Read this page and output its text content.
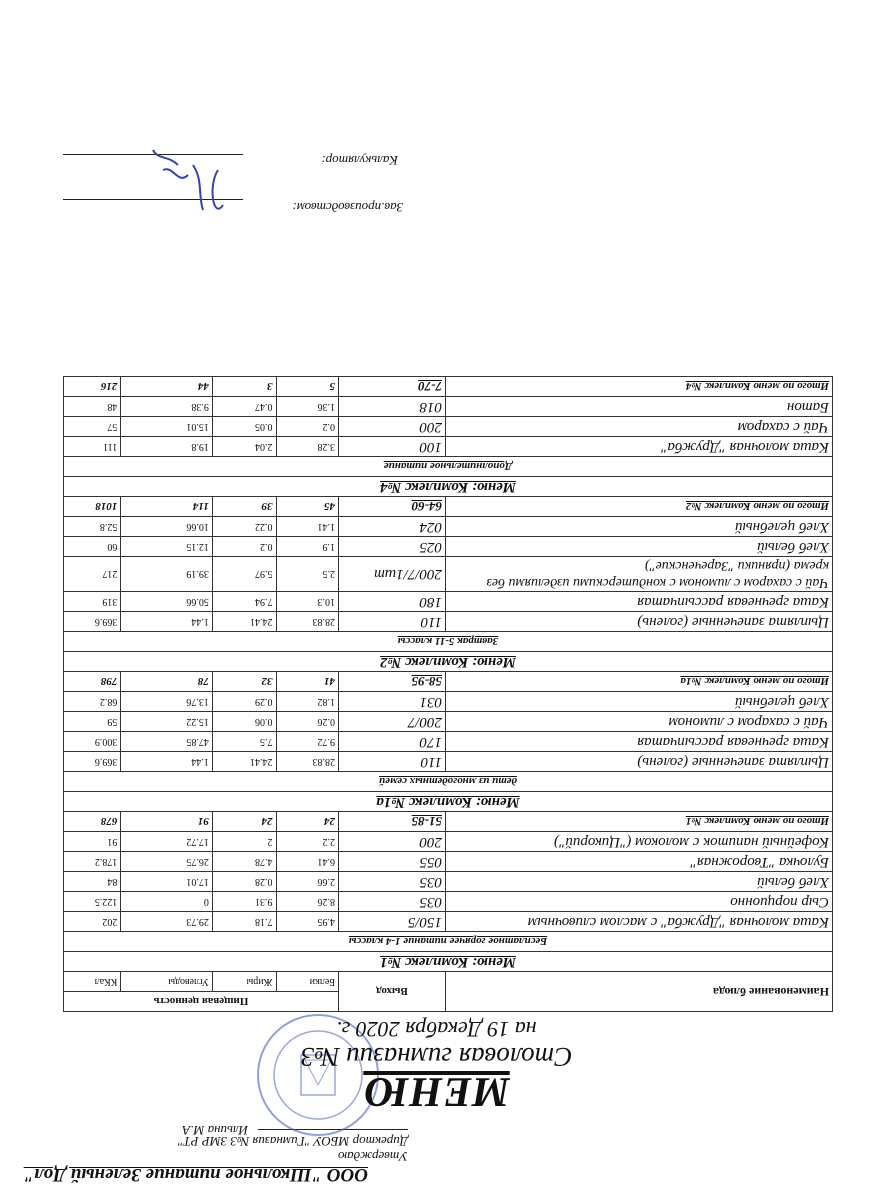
ООО "Школьное питание Зеленый Дол"
Утверждаю
Директор МБОУ "Гимназия №3 ЗМР РТ"
Ильина М.А
МЕНЮ
Столовая гимназии №3
на 19 Декабря 2020 г.
Наименование блюда	Выход	Пищевая ценность			
		Белки	Жиры	Углеводы	ККал
Меню: Комплекс №1					
Бесплатное горячее питание 1-4 классы					
Каша молочная "Дружба" с маслом сливочным	150/5	4.95	7.18	29.73	202
Сыр порционно	035	8.26	9.31	0	122.5
Хлеб белый	035	2.66	0.28	17.01	84
Булочка "Творожная"	055	6.41	4.78	26.75	178.2
Кофейный напиток с молоком ("Цикорий")	200	2.2	2	17.72	91
Итого по меню Комплекс №1	51-85	24	24	91	678
Меню: Комплекс №1а					
дети из многодетных семей					
Цыплята запеченные (голень)	110	28.83	24.41	1.44	369.6
Каша гречневая рассыпчатая	170	9.72	7.5	47.85	300.9
Чай с сахаром с лимоном	200/7	0.26	0.06	15.22	59
Хлеб целебный	031	1.82	0.29	13.76	68.2
Итого по меню Комплекс №1а	58-95	41	32	78	798
Меню: Комплекс №2					
Завтрак 5-11 классы					
Цыплята запеченные (голень)	110	28.83	24.41	1.44	369.6
Каша гречневая рассыпчатая	180	10.3	7.94	50.66	319
Чай с сахаром с лимоном с кондитерскими изделиями без крема (пряники "Зареченские")	200/7/1шт	2.5	5.97	39.19	217
Хлеб белый	025	1.9	0.2	12.15	60
Хлеб целебный	024	1.41	0.22	10.66	52.8
Итого по меню Комплекс №2	64-60	45	39	114	1018
Меню: Комплекс №4					
Дополнительное питание					
Каша молочная "Дружба"	100	3.28	2.04	19.8	111
Чай с сахаром	200	0.2	0.05	15.01	57
Батон	018	1.36	0.47	9.38	48
Итого по меню Комплекс №4	7-70	5	3	44	216
Зав.производством:
Калькулятор:
